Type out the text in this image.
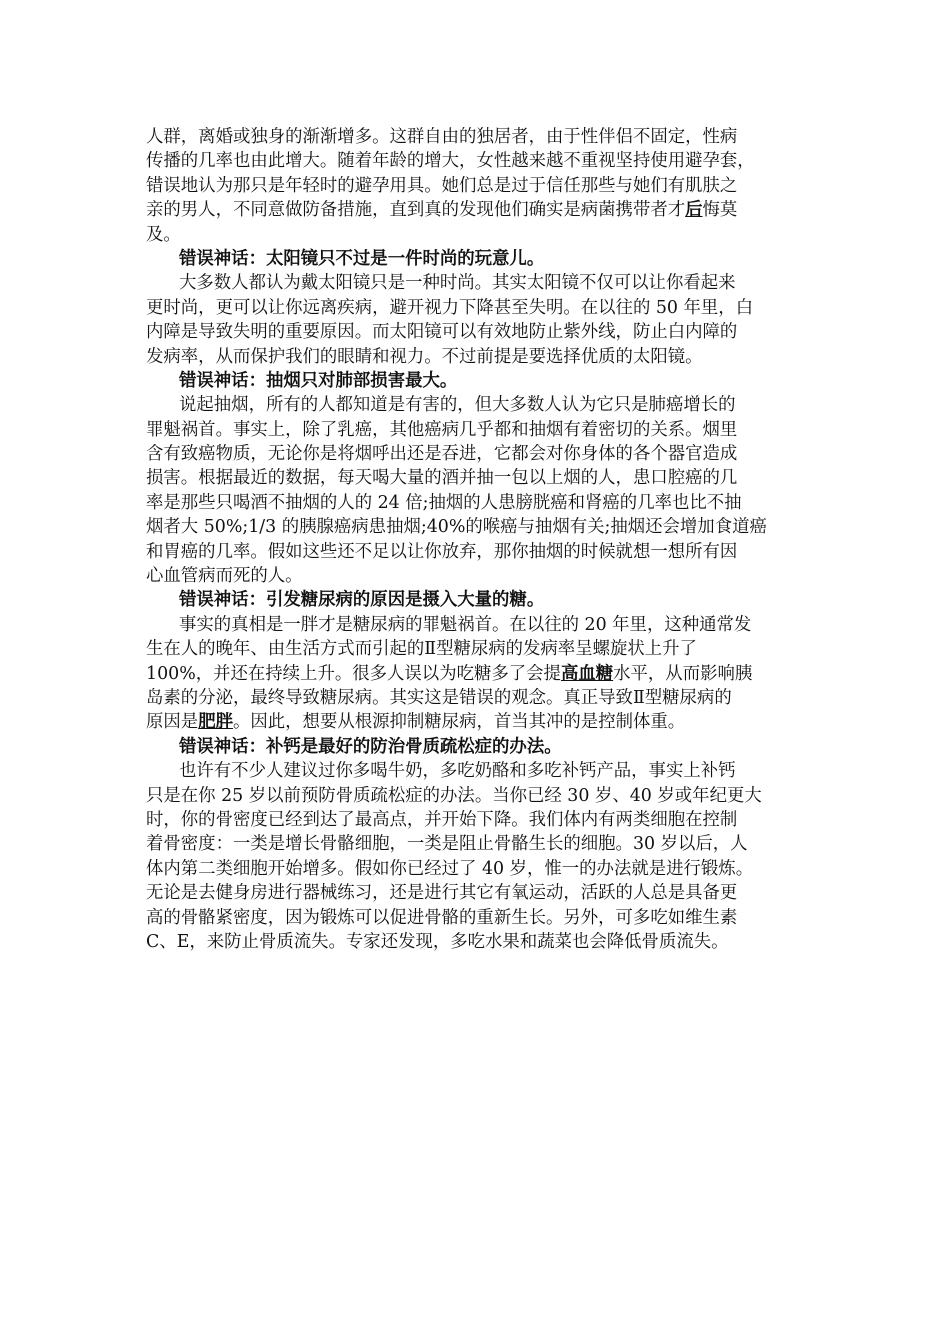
人群，离婚或独身的渐渐增多。这群自由的独居者，由于性伴侣不固定，性病
传播的几率也由此增大。随着年龄的增大，女性越来越不重视坚持使用避孕套，
错误地认为那只是年轻时的避孕用具。她们总是过于信任那些与她们有肌肤之
亲的男人，不同意做防备措施，直到真的发现他们确实是病菌携带者才后悔莫
及。
错误神话：太阳镜只不过是一件时尚的玩意儿。
大多数人都认为戴太阳镜只是一种时尚。其实太阳镜不仅可以让你看起来
更时尚，更可以让你远离疾病，避开视力下降甚至失明。在以往的 50 年里，白
内障是导致失明的重要原因。而太阳镜可以有效地防止紫外线，防止白内障的
发病率，从而保护我们的眼睛和视力。不过前提是要选择优质的太阳镜。
错误神话：抽烟只对肺部损害最大。
说起抽烟，所有的人都知道是有害的，但大多数人认为它只是肺癌增长的
罪魁祸首。事实上，除了乳癌，其他癌病几乎都和抽烟有着密切的关系。烟里
含有致癌物质，无论你是将烟呼出还是吞进，它都会对你身体的各个器官造成
损害。根据最近的数据，每天喝大量的酒并抽一包以上烟的人，患口腔癌的几
率是那些只喝酒不抽烟的人的 24 倍;抽烟的人患膀胱癌和肾癌的几率也比不抽
烟者大 50%;1/3 的胰腺癌病患抽烟;40%的喉癌与抽烟有关;抽烟还会增加食道癌
和胃癌的几率。假如这些还不足以让你放弃，那你抽烟的时候就想一想所有因
心血管病而死的人。
错误神话：引发糖尿病的原因是摄入大量的糖。
事实的真相是一胖才是糖尿病的罪魁祸首。在以往的 20 年里，这种通常发
生在人的晚年、由生活方式而引起的Ⅱ型糖尿病的发病率呈螺旋状上升了
100%，并还在持续上升。很多人误以为吃糖多了会提高血糖水平，从而影响胰
岛素的分泌，最终导致糖尿病。其实这是错误的观念。真正导致Ⅱ型糖尿病的
原因是肥胖。因此，想要从根源抑制糖尿病，首当其冲的是控制体重。
错误神话：补钙是最好的防治骨质疏松症的办法。
也许有不少人建议过你多喝牛奶，多吃奶酪和多吃补钙产品，事实上补钙
只是在你 25 岁以前预防骨质疏松症的办法。当你已经 30 岁、40 岁或年纪更大
时，你的骨密度已经到达了最高点，并开始下降。我们体内有两类细胞在控制
着骨密度：一类是增长骨骼细胞，一类是阻止骨骼生长的细胞。30 岁以后，人
体内第二类细胞开始增多。假如你已经过了 40 岁，惟一的办法就是进行锻炼。
无论是去健身房进行器械练习，还是进行其它有氧运动，活跃的人总是具备更
高的骨骼紧密度，因为锻炼可以促进骨骼的重新生长。另外，可多吃如维生素
C、E，来防止骨质流失。专家还发现，多吃水果和蔬菜也会降低骨质流失。
